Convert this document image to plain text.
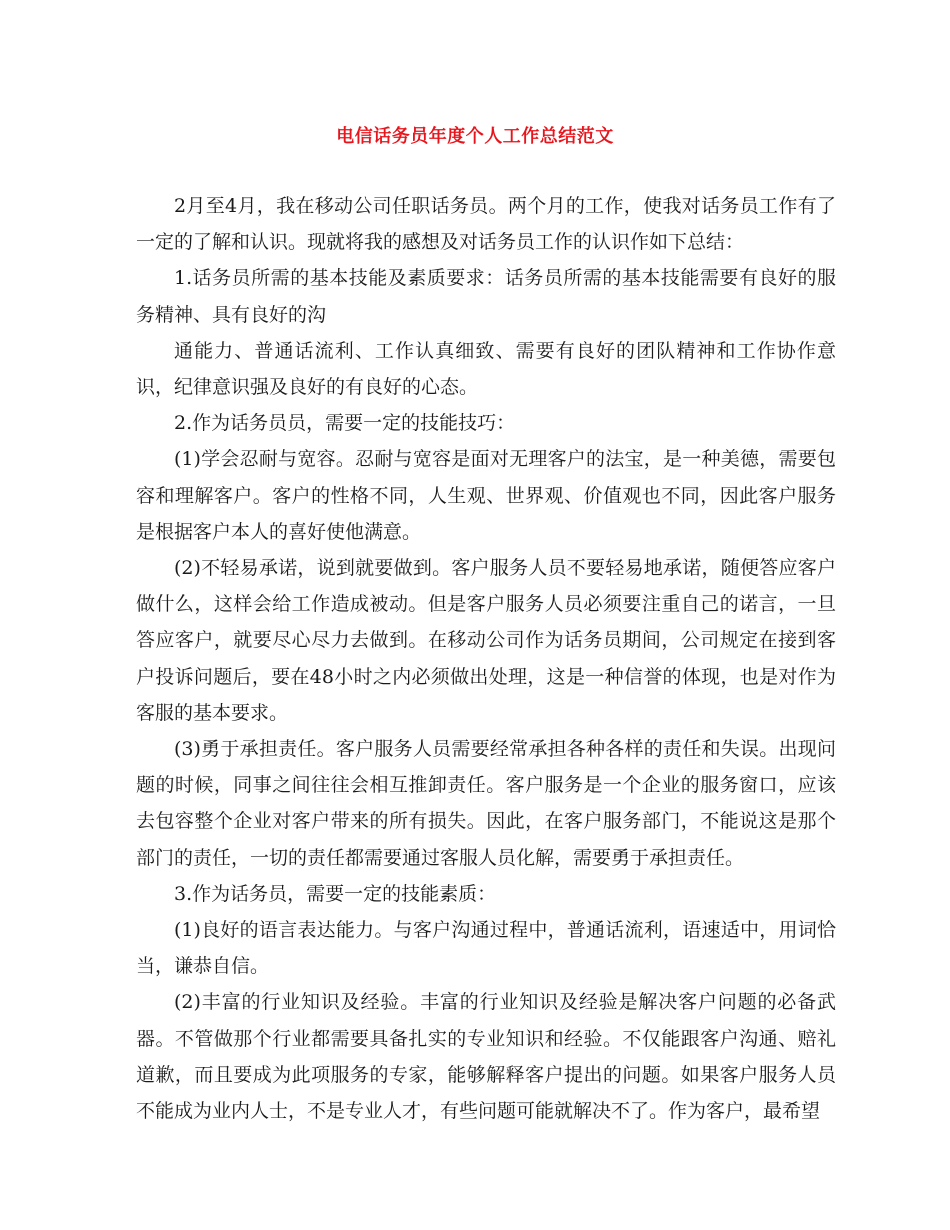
电信话务员年度个人工作总结范文

2月至4月，我在移动公司任职话务员。两个月的工作，使我对话务员工作有了一定的了解和认识。现就将我的感想及对话务员工作的认识作如下总结：

1.话务员所需的基本技能及素质要求：话务员所需的基本技能需要有良好的服务精神、具有良好的沟

通能力、普通话流利、工作认真细致、需要有良好的团队精神和工作协作意识，纪律意识强及良好的有良好的心态。

2.作为话务员员，需要一定的技能技巧：

(1)学会忍耐与宽容。忍耐与宽容是面对无理客户的法宝，是一种美德，需要包容和理解客户。客户的性格不同，人生观、世界观、价值观也不同，因此客户服务是根据客户本人的喜好使他满意。

(2)不轻易承诺，说到就要做到。客户服务人员不要轻易地承诺，随便答应客户做什么，这样会给工作造成被动。但是客户服务人员必须要注重自己的诺言，一旦答应客户，就要尽心尽力去做到。在移动公司作为话务员期间，公司规定在接到客户投诉问题后，要在48小时之内必须做出处理，这是一种信誉的体现，也是对作为客服的基本要求。

(3)勇于承担责任。客户服务人员需要经常承担各种各样的责任和失误。出现问题的时候，同事之间往往会相互推卸责任。客户服务是一个企业的服务窗口，应该去包容整个企业对客户带来的所有损失。因此，在客户服务部门，不能说这是那个部门的责任，一切的责任都需要通过客服人员化解，需要勇于承担责任。

3.作为话务员，需要一定的技能素质：

(1)良好的语言表达能力。与客户沟通过程中，普通话流利，语速适中，用词恰当，谦恭自信。

(2)丰富的行业知识及经验。丰富的行业知识及经验是解决客户问题的必备武器。不管做那个行业都需要具备扎实的专业知识和经验。不仅能跟客户沟通、赔礼道歉，而且要成为此项服务的专家，能够解释客户提出的问题。如果客户服务人员不能成为业内人士，不是专业人才，有些问题可能就解决不了。作为客户，最希望
